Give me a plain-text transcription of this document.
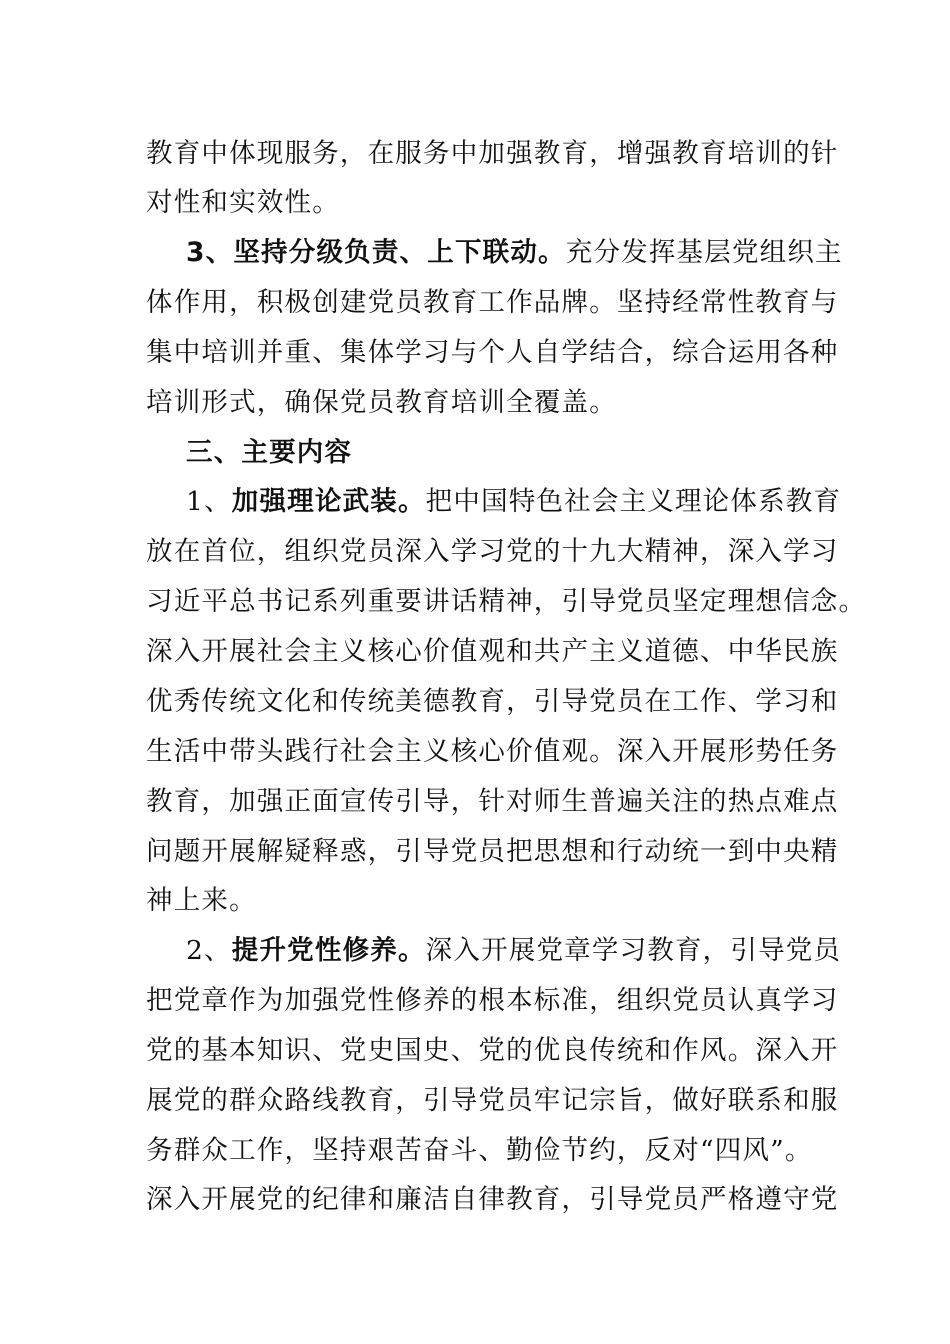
教育中体现服务，在服务中加强教育，增强教育培训的针
对性和实效性。
3、坚持分级负责、上下联动。充分发挥基层党组织主
体作用，积极创建党员教育工作品牌。坚持经常性教育与
集中培训并重、集体学习与个人自学结合，综合运用各种
培训形式，确保党员教育培训全覆盖。
三、主要内容
1、加强理论武装。把中国特色社会主义理论体系教育
放在首位，组织党员深入学习党的十九大精神，深入学习
习近平总书记系列重要讲话精神，引导党员坚定理想信念。
深入开展社会主义核心价值观和共产主义道德、中华民族
优秀传统文化和传统美德教育，引导党员在工作、学习和
生活中带头践行社会主义核心价值观。深入开展形势任务
教育，加强正面宣传引导，针对师生普遍关注的热点难点
问题开展解疑释惑，引导党员把思想和行动统一到中央精
神上来。
2、提升党性修养。深入开展党章学习教育，引导党员
把党章作为加强党性修养的根本标准，组织党员认真学习
党的基本知识、党史国史、党的优良传统和作风。深入开
展党的群众路线教育，引导党员牢记宗旨，做好联系和服
务群众工作，坚持艰苦奋斗、勤俭节约，反对“四风”。
深入开展党的纪律和廉洁自律教育，引导党员严格遵守党
